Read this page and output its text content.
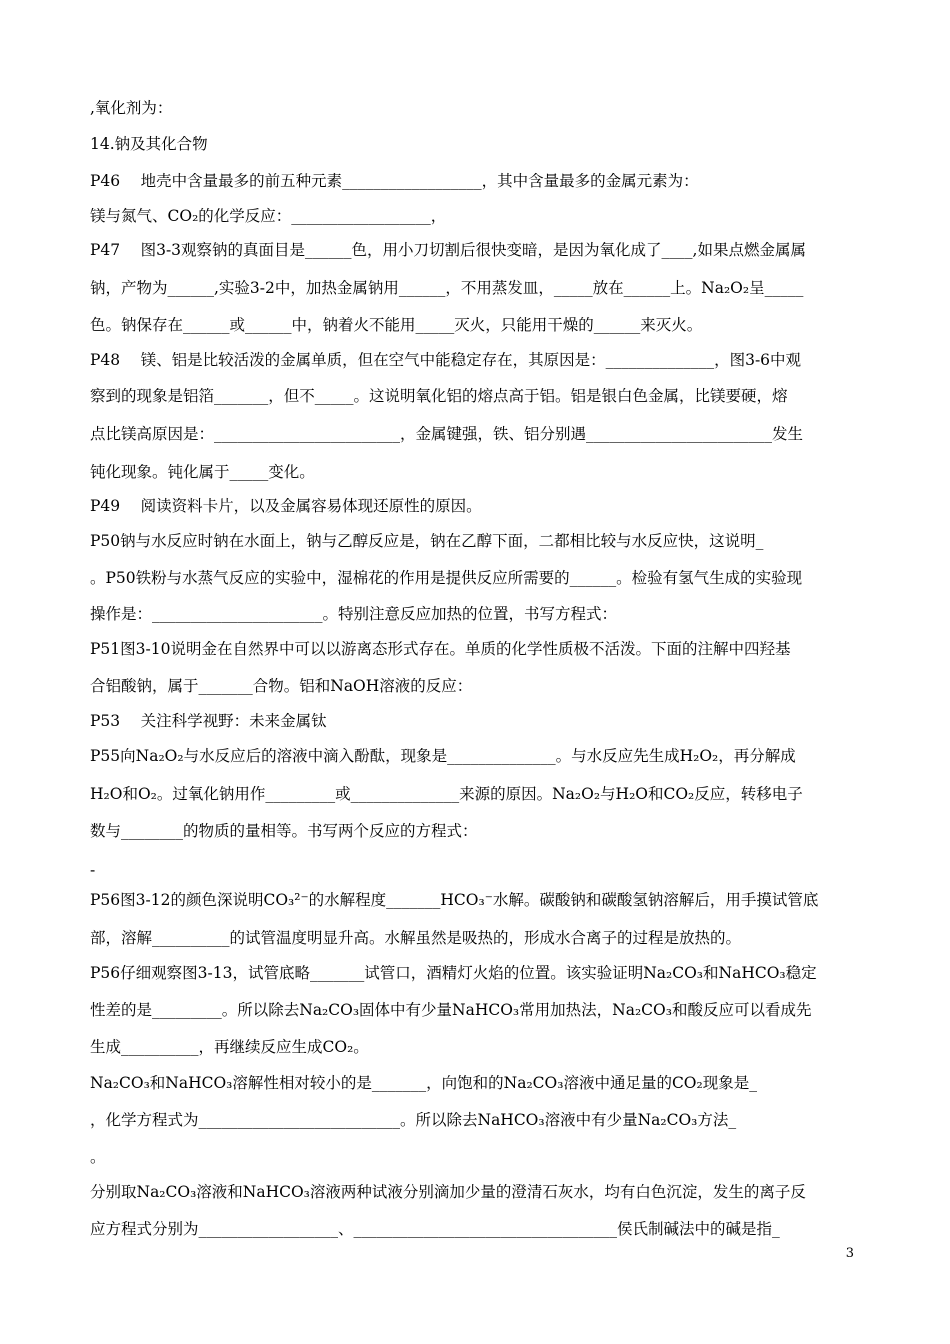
,氧化剂为：
14.钠及其化合物
P46　 地壳中含量最多的前五种元素__________________，其中含量最多的金属元素为：
镁与氮气、CO₂的化学反应：__________________，
P47　 图3-3观察钠的真面目是______色，用小刀切割后很快变暗，是因为氧化成了____,如果点燃金属属
钠，产物为______,实验3-2中，加热金属钠用______，不用蒸发皿，_____放在______上。Na₂O₂呈_____
色。钠保存在______或______中，钠着火不能用_____灭火，只能用干燥的______来灭火。
P48　 镁、铝是比较活泼的金属单质，但在空气中能稳定存在，其原因是：______________，图3-6中观
察到的现象是铝箔_______，但不_____。这说明氧化铝的熔点高于铝。铝是银白色金属，比镁要硬，熔
点比镁高原因是：________________________，金属键强，铁、铝分别遇________________________发生
钝化现象。钝化属于_____变化。
P49　 阅读资料卡片，以及金属容易体现还原性的原因。
P50钠与水反应时钠在水面上，钠与乙醇反应是，钠在乙醇下面，二都相比较与水反应快，这说明_
。P50铁粉与水蒸气反应的实验中，湿棉花的作用是提供反应所需要的______。检验有氢气生成的实验现
操作是：______________________。特别注意反应加热的位置，书写方程式：
P51图3-10说明金在自然界中可以以游离态形式存在。单质的化学性质极不活泼。下面的注解中四羟基
合铝酸钠，属于_______合物。铝和NaOH溶液的反应：
P53　 关注科学视野：未来金属钛
P55向Na₂O₂与水反应后的溶液中滴入酚酞，现象是______________。与水反应先生成H₂O₂，再分解成
H₂O和O₂。过氧化钠用作_________或______________来源的原因。Na₂O₂与H₂O和CO₂反应，转移电子
数与________的物质的量相等。书写两个反应的方程式：
-
P56图3-12的颜色深说明CO₃²⁻的水解程度_______HCO₃⁻水解。碳酸钠和碳酸氢钠溶解后，用手摸试管底
部，溶解__________的试管温度明显升高。水解虽然是吸热的，形成水合离子的过程是放热的。
P56仔细观察图3-13，试管底略_______试管口，酒精灯火焰的位置。该实验证明Na₂CO₃和NaHCO₃稳定
性差的是_________。所以除去Na₂CO₃固体中有少量NaHCO₃常用加热法，Na₂CO₃和酸反应可以看成先
生成__________，再继续反应生成CO₂。
Na₂CO₃和NaHCO₃溶解性相对较小的是_______，向饱和的Na₂CO₃溶液中通足量的CO₂现象是_
，化学方程式为__________________________。所以除去NaHCO₃溶液中有少量Na₂CO₃方法_
。
分别取Na₂CO₃溶液和NaHCO₃溶液两种试液分别滴加少量的澄清石灰水，均有白色沉淀，发生的离子反
应方程式分别为__________________、__________________________________侯氏制碱法中的碱是指_
3
